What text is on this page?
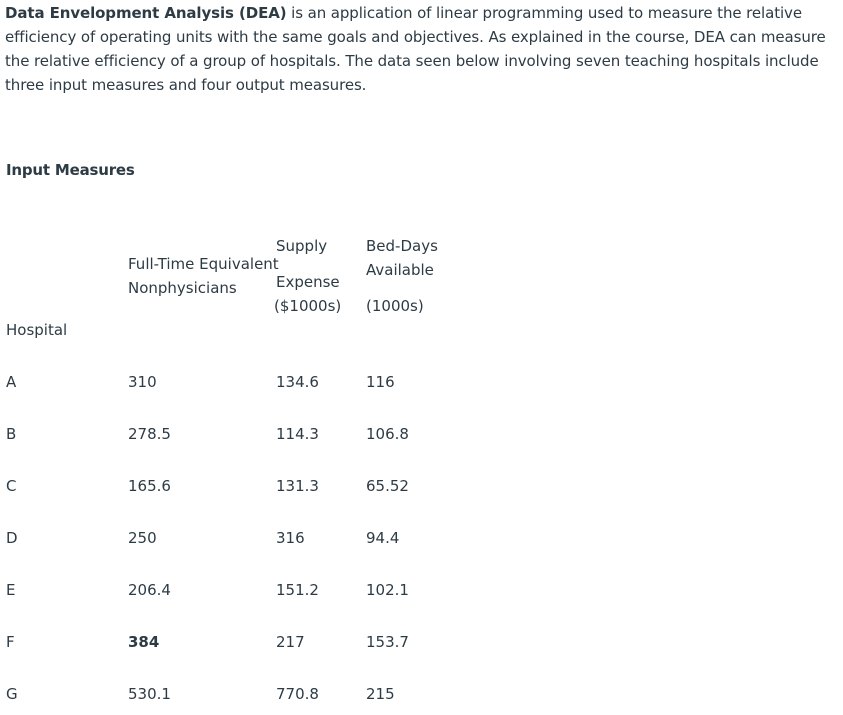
Data Envelopment Analysis (DEA) is an application of linear programming used to measure the relative efficiency of operating units with the same goals and objectives. As explained in the course, DEA can measure the relative efficiency of a group of hospitals. The data seen below involving seven teaching hospitals include three input measures and four output measures.
Input Measures
Hospital
Full-Time Equivalent
Nonphysicians
Supply
Expense
($1000s)
Bed-Days
Available
(1000s)
A	310	134.6	116
B	278.5	114.3	106.8
C	165.6	131.3	65.52
D	250	316	94.4
E	206.4	151.2	102.1
F	384	217	153.7
G	530.1	770.8	215
